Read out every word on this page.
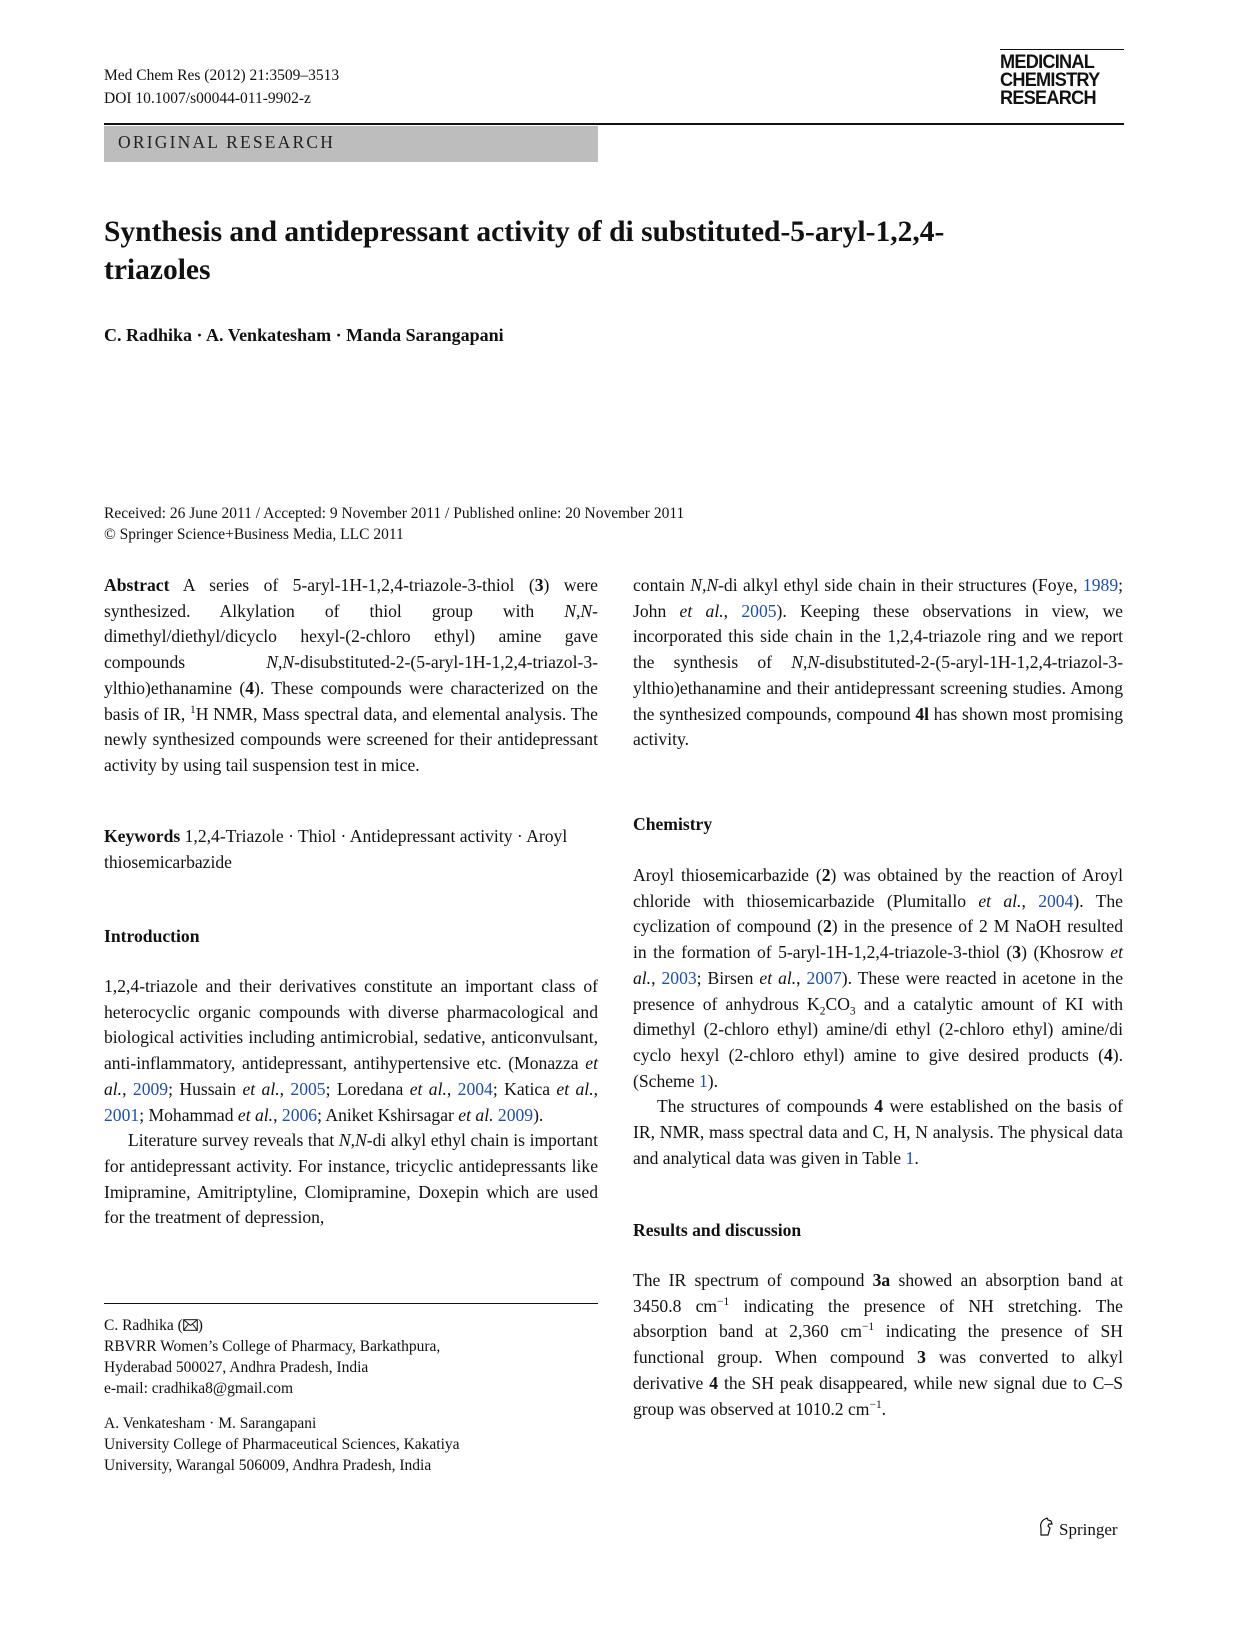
Med Chem Res (2012) 21:3509–3513
DOI 10.1007/s00044-011-9902-z
MEDICINAL
CHEMISTRY
RESEARCH
ORIGINAL RESEARCH
Synthesis and antidepressant activity of di substituted-5-aryl-1,2,4-triazoles
C. Radhika · A. Venkatesham · Manda Sarangapani
Received: 26 June 2011 / Accepted: 9 November 2011 / Published online: 20 November 2011
© Springer Science+Business Media, LLC 2011

Abstract A series of 5-aryl-1H-1,2,4-triazole-3-thiol (3) were synthesized. Alkylation of thiol group with N,N-dimethyl/diethyl/dicyclo hexyl-(2-chloro ethyl) amine gave compounds N,N-disubstituted-2-(5-aryl-1H-1,2,4-triazol-3-ylthio)ethanamine (4). These compounds were characterized on the basis of IR, $^1$H NMR, Mass spectral data, and elemental analysis. The newly synthesized compounds were screened for their antidepressant activity by using tail suspension test in mice.

Keywords 1,2,4-Triazole · Thiol · Antidepressant activity · Aroyl thiosemicarbazide

Introduction

1,2,4-triazole and their derivatives constitute an important class of heterocyclic organic compounds with diverse pharmacological and biological activities including antimicrobial, sedative, anticonvulsant, anti-inflammatory, antidepressant, antihypertensive etc. (Monazza et al., 2009; Hussain et al., 2005; Loredana et al., 2004; Katica et al., 2001; Mohammad et al., 2006; Aniket Kshirsagar et al. 2009).

Literature survey reveals that N,N-di alkyl ethyl chain is important for antidepressant activity. For instance, tricyclic antidepressants like Imipramine, Amitriptyline, Clomipramine, Doxepin which are used for the treatment of depression,

C. Radhika ( )
RBVRR Women’s College of Pharmacy, Barkathpura,
Hyderabad 500027, Andhra Pradesh, India
e-mail: cradhika8@gmail.com
A. Venkatesham · M. Sarangapani
University College of Pharmaceutical Sciences, Kakatiya
University, Warangal 506009, Andhra Pradesh, India

contain N,N-di alkyl ethyl side chain in their structures (Foye, 1989; John et al., 2005). Keeping these observations in view, we incorporated this side chain in the 1,2,4-triazole ring and we report the synthesis of N,N-disubstituted-2-(5-aryl-1H-1,2,4-triazol-3-ylthio)ethanamine and their antidepressant screening studies. Among the synthesized compounds, compound 4l has shown most promising activity.

Chemistry

Aroyl thiosemicarbazide (2) was obtained by the reaction of Aroyl chloride with thiosemicarbazide (Plumitallo et al., 2004). The cyclization of compound (2) in the presence of 2 M NaOH resulted in the formation of 5-aryl-1H-1,2,4-triazole-3-thiol (3) (Khosrow et al., 2003; Birsen et al., 2007). These were reacted in acetone in the presence of anhydrous $K_2CO_3$ and a catalytic amount of KI with dimethyl (2-chloro ethyl) amine/di ethyl (2-chloro ethyl) amine/di cyclo hexyl (2-chloro ethyl) amine to give desired products (4). (Scheme 1).

The structures of compounds 4 were established on the basis of IR, NMR, mass spectral data and C, H, N analysis. The physical data and analytical data was given in Table 1.

Results and discussion

The IR spectrum of compound 3a showed an absorption band at 3450.8 $cm^{-1}$ indicating the presence of NH stretching. The absorption band at 2,360 $cm^{-1}$ indicating the presence of SH functional group. When compound 3 was converted to alkyl derivative 4 the SH peak disappeared, while new signal due to C–S group was observed at 1010.2 $cm^{-1}$.

Springer
